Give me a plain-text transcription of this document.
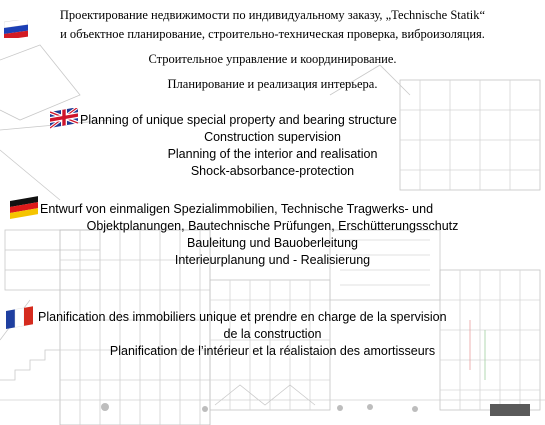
Проектирование недвижимости по индивидуальному заказу, „Technische Statik“
и объектное планирование, строительно-техническая проверка, виброизоляция.
Строительное управление и координирование.
Планирование и реализация интерьера.
Planning of unique special property and bearing structure
Construction supervision
Planning of the interior and realisation
Shock-absorbance-protection
Entwurf von einmaligen Spezialimmobilien, Technische Tragwerks- und
Objektplanungen, Bautechnische Prüfungen, Erschütterungsschutz
Bauleitung und Bauoberleitung
Interieurplanung und - Realisierung
Planification des immobiliers unique et prendre en charge de la spervision
de la construction
Planification de l’intérieur et la réalistaion des amortisseurs
